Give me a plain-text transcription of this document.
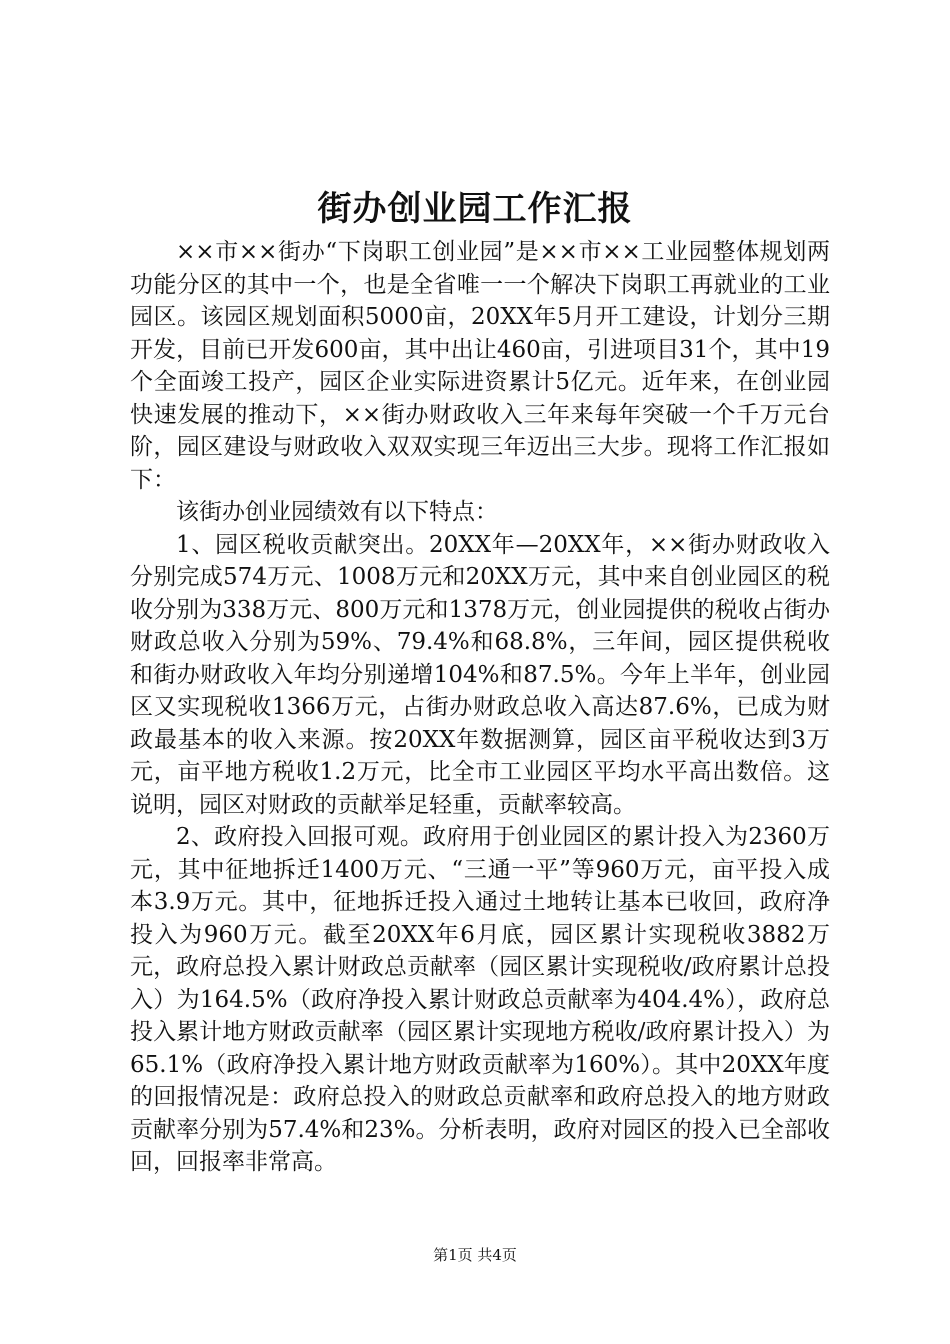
街办创业园工作汇报

××市××街办“下岗职工创业园”是××市××工业园整体规划两功能分区的其中一个，也是全省唯一一个解决下岗职工再就业的工业园区。该园区规划面积5000亩，20XX年5月开工建设，计划分三期开发，目前已开发600亩，其中出让460亩，引进项目31个，其中19个全面竣工投产，园区企业实际进资累计5亿元。近年来，在创业园快速发展的推动下，××街办财政收入三年来每年突破一个千万元台阶，园区建设与财政收入双双实现三年迈出三大步。现将工作汇报如下：

该街办创业园绩效有以下特点：

1、园区税收贡献突出。20XX年—20XX年，××街办财政收入分别完成574万元、1008万元和20XX万元，其中来自创业园区的税收分别为338万元、800万元和1378万元，创业园提供的税收占街办财政总收入分别为59%、79.4%和68.8%，三年间，园区提供税收和街办财政收入年均分别递增104%和87.5%。今年上半年，创业园区又实现税收1366万元，占街办财政总收入高达87.6%，已成为财政最基本的收入来源。按20XX年数据测算，园区亩平税收达到3万元，亩平地方税收1.2万元，比全市工业园区平均水平高出数倍。这说明，园区对财政的贡献举足轻重，贡献率较高。

2、政府投入回报可观。政府用于创业园区的累计投入为2360万元，其中征地拆迁1400万元、“三通一平”等960万元，亩平投入成本3.9万元。其中，征地拆迁投入通过土地转让基本已收回，政府净投入为960万元。截至20XX年6月底，园区累计实现税收3882万元，政府总投入累计财政总贡献率（园区累计实现税收/政府累计总投入）为164.5%（政府净投入累计财政总贡献率为404.4%），政府总投入累计地方财政贡献率（园区累计实现地方税收/政府累计投入）为65.1%（政府净投入累计地方财政贡献率为160%）。其中20XX年度的回报情况是：政府总投入的财政总贡献率和政府总投入的地方财政贡献率分别为57.4%和23%。分析表明，政府对园区的投入已全部收回，回报率非常高。

第1页 共4页
